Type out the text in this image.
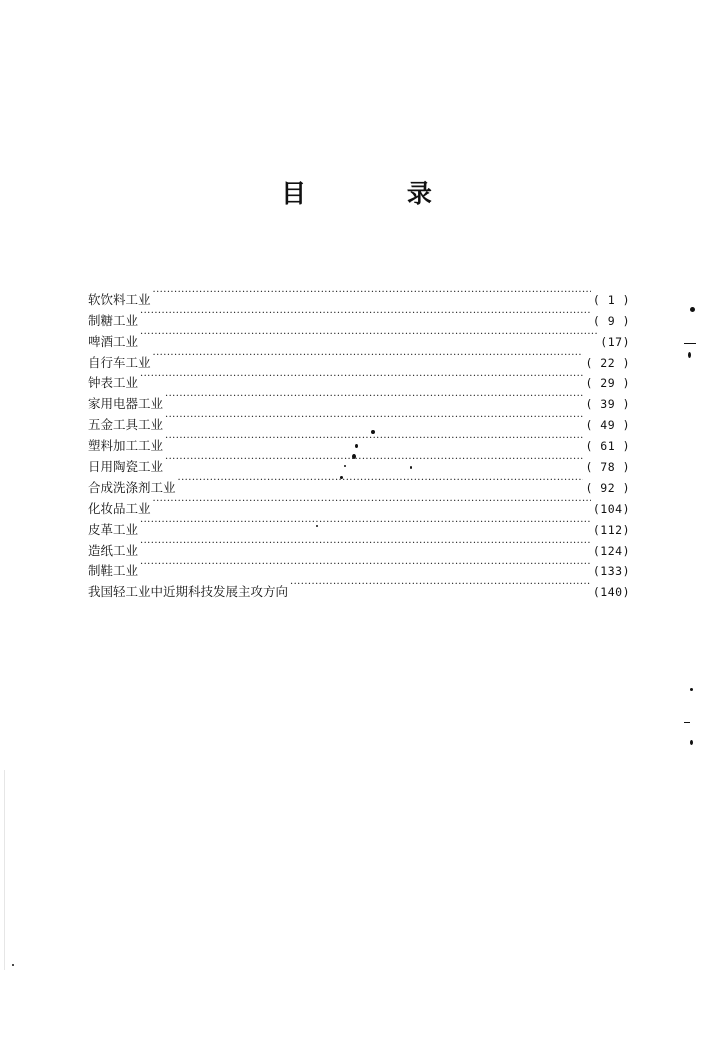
目 录
软饮料工业 ·····	( 1 )
制糖工业 ·····	( 9 )
啤酒工业 ·····	(17)
自行车工业 ·····	( 22 )
钟表工业 ·····	( 29 )
家用电器工业 ·····	( 39 )
五金工具工业 ·····	( 49 )
塑料加工工业 ·····	( 61 )
日用陶瓷工业 ·····	( 78 )
合成洗涤剂工业 ·····	( 92 )
化妆品工业 ·····	(104)
皮革工业 ·····	(112)
造纸工业 ·····	(124)
制鞋工业 ·····	(133)
我国轻工业中近期科技发展主攻方向 ·····	(140)
